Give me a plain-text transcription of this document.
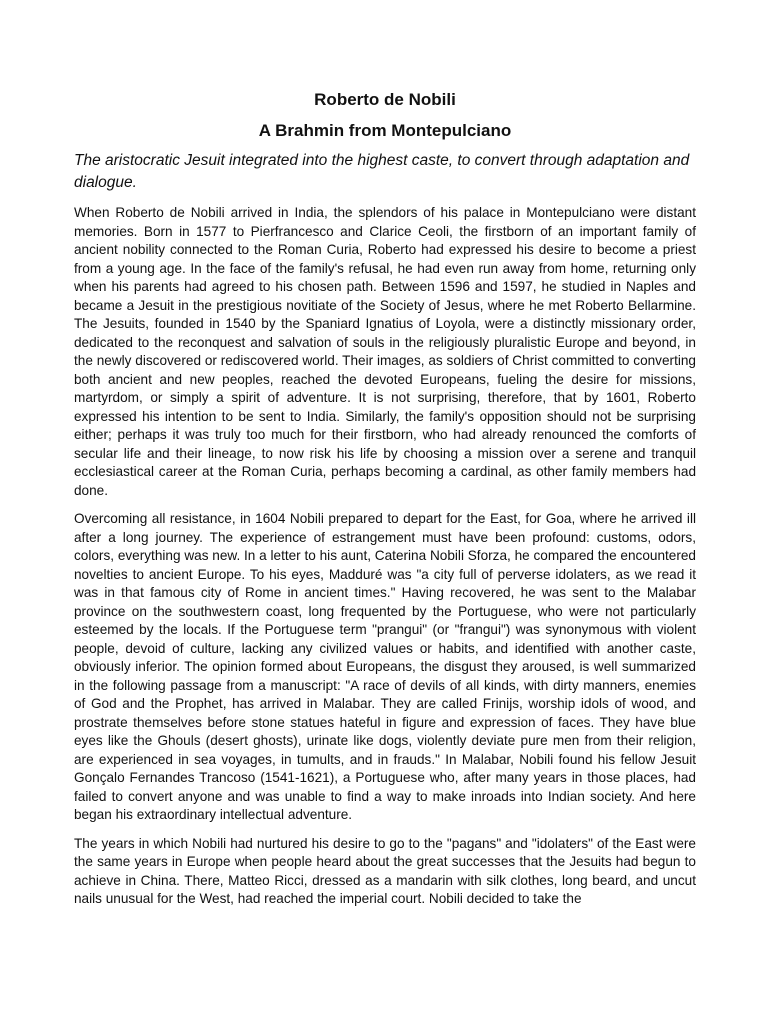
Roberto de Nobili
A Brahmin from Montepulciano

The aristocratic Jesuit integrated into the highest caste, to convert through adaptation and dialogue.

When Roberto de Nobili arrived in India, the splendors of his palace in Montepulciano were distant memories. Born in 1577 to Pierfrancesco and Clarice Ceoli, the firstborn of an important family of ancient nobility connected to the Roman Curia, Roberto had expressed his desire to become a priest from a young age. In the face of the family's refusal, he had even run away from home, returning only when his parents had agreed to his chosen path. Between 1596 and 1597, he studied in Naples and became a Jesuit in the prestigious novitiate of the Society of Jesus, where he met Roberto Bellarmine. The Jesuits, founded in 1540 by the Spaniard Ignatius of Loyola, were a distinctly missionary order, dedicated to the reconquest and salvation of souls in the religiously pluralistic Europe and beyond, in the newly discovered or rediscovered world. Their images, as soldiers of Christ committed to converting both ancient and new peoples, reached the devoted Europeans, fueling the desire for missions, martyrdom, or simply a spirit of adventure. It is not surprising, therefore, that by 1601, Roberto expressed his intention to be sent to India. Similarly, the family's opposition should not be surprising either; perhaps it was truly too much for their firstborn, who had already renounced the comforts of secular life and their lineage, to now risk his life by choosing a mission over a serene and tranquil ecclesiastical career at the Roman Curia, perhaps becoming a cardinal, as other family members had done.

Overcoming all resistance, in 1604 Nobili prepared to depart for the East, for Goa, where he arrived ill after a long journey. The experience of estrangement must have been profound: customs, odors, colors, everything was new. In a letter to his aunt, Caterina Nobili Sforza, he compared the encountered novelties to ancient Europe. To his eyes, Madduré was "a city full of perverse idolaters, as we read it was in that famous city of Rome in ancient times." Having recovered, he was sent to the Malabar province on the southwestern coast, long frequented by the Portuguese, who were not particularly esteemed by the locals. If the Portuguese term "prangui" (or "frangui") was synonymous with violent people, devoid of culture, lacking any civilized values or habits, and identified with another caste, obviously inferior. The opinion formed about Europeans, the disgust they aroused, is well summarized in the following passage from a manuscript: "A race of devils of all kinds, with dirty manners, enemies of God and the Prophet, has arrived in Malabar. They are called Frinijs, worship idols of wood, and prostrate themselves before stone statues hateful in figure and expression of faces. They have blue eyes like the Ghouls (desert ghosts), urinate like dogs, violently deviate pure men from their religion, are experienced in sea voyages, in tumults, and in frauds." In Malabar, Nobili found his fellow Jesuit Gonçalo Fernandes Trancoso (1541-1621), a Portuguese who, after many years in those places, had failed to convert anyone and was unable to find a way to make inroads into Indian society. And here began his extraordinary intellectual adventure.

The years in which Nobili had nurtured his desire to go to the "pagans" and "idolaters" of the East were the same years in Europe when people heard about the great successes that the Jesuits had begun to achieve in China. There, Matteo Ricci, dressed as a mandarin with silk clothes, long beard, and uncut nails unusual for the West, had reached the imperial court. Nobili decided to take the
